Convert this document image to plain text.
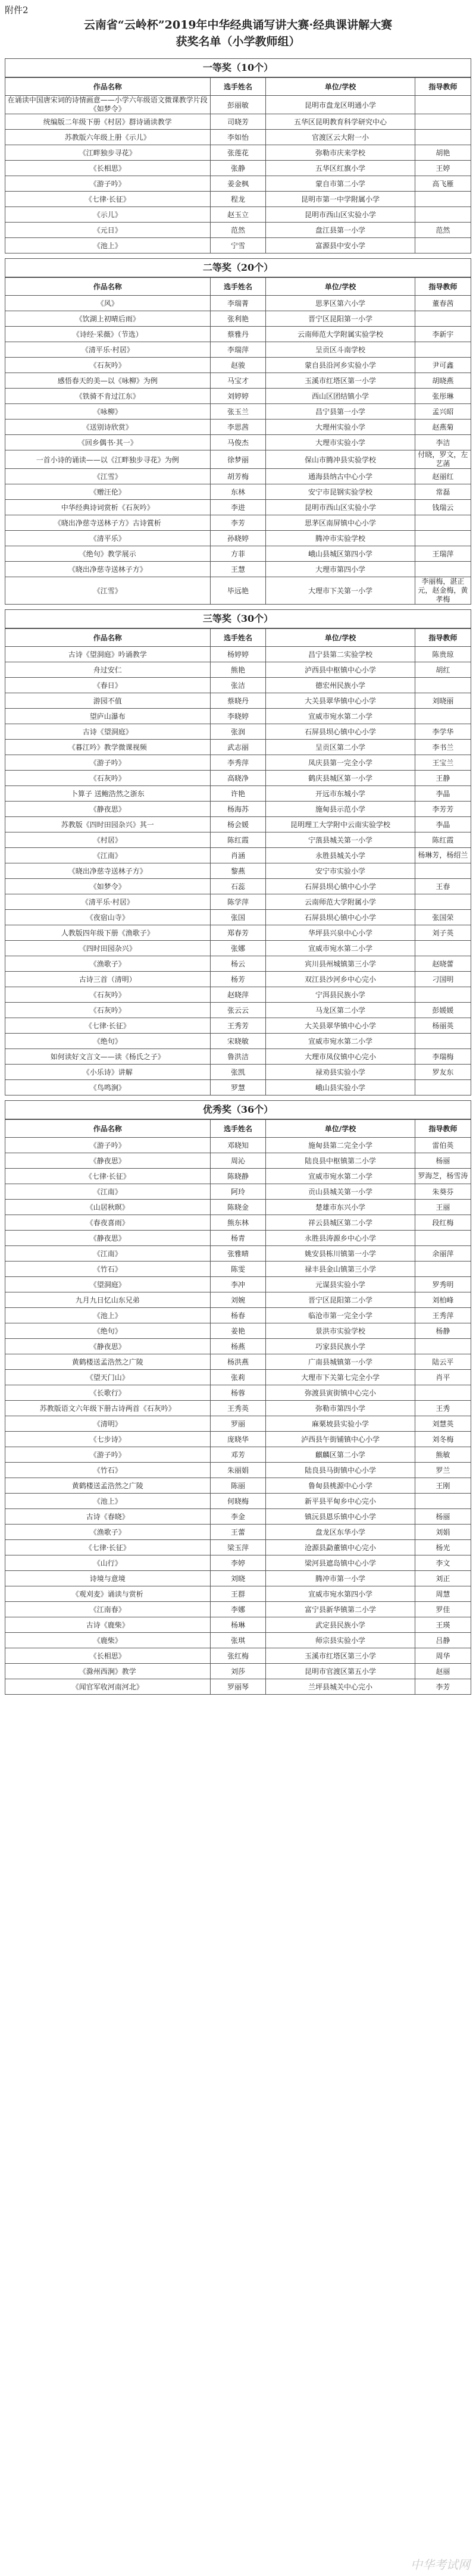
附件2
云南省“云岭杯”2019年中华经典诵写讲大赛·经典课讲解大赛
获奖名单（小学教师组）
一等奖（10个）
作品名称	选手姓名	单位/学校	指导教师
在诵读中国唐宋词的诗情画意——小学六年级语文微课教学片段《如梦令》	彭丽敏	昆明市盘龙区明通小学	
统编版二年级下册《村居》群诗诵读教学	司晓芳	五华区昆明教育科学研究中心	
苏教版六年级上册《示儿》	李如怡	官渡区云大附一小	
《江畔独步寻花》	张莲花	弥勒市庆来学校	胡艳
《长相思》	张静	五华区红旗小学	王婷
《游子吟》	姜金枫	蒙自市第二小学	高飞雁
《七律·长征》	程龙	昆明市第一中学附属小学	
《示儿》	赵玉立	昆明市西山区实验小学	
《元日》	范然	盘江县第一小学	范然
《池上》	宁雪	富源县中安小学	
二等奖（20个）
作品名称	选手姓名	单位/学校	指导教师
《风》	李瑞菁	思茅区第六小学	董春茜
《饮湖上初晴后雨》	张利艳	晋宁区昆阳第一小学	
《诗经·采薇》（节选）	蔡雅丹	云南师范大学附属实验学校	李新宇
《清平乐·村居》	李瑞萍	呈贡区斗南学校	
《石灰吟》	赵骏	蒙自县沿河乡实验小学	尹可鑫
感悟春天的美—以《咏柳》为例	马宝才	玉溪市红塔区第一小学	胡晓燕
《铁骑不肯过江东》	刘婷婷	西山区团结镇小学	张彤琳
《咏柳》	张玉兰	昌宁县第一小学	孟兴昭
《送别诗欣赏》	李思茜	大理州实验小学	赵燕菊
《回乡偶书·其一》	马俊杰	大理市实验小学	李洁
一首小诗的诵读——以《江畔独步寻花》为例	徐梦丽	保山市腾冲县实验学校	付晓，罗文，左艺菡
《江雪》	胡芳梅	通海县纳古中心小学	赵丽红
《赠汪伦》	东林	安宁市昆钢实验学校	常磊
中华经典诗词赏析《石灰吟》	李进	昆明市西山区实验小学	钱瑞云
《晓出净慈寺送林子方》古诗賞析	李芳	思茅区南屏镇中心小学	
《清平乐》	孙晓婷	腾冲市实验学校	
《绝句》教学展示	方菲	峨山县城区第四小学	王瑞萍
《晓出净慈寺送林子方》	王慧	大理市第四小学	
《江雪》	毕远艳	大理市下关第一小学	李丽梅，湛正元，赵金梅，黄孝梅
三等奖（30个）
作品名称	选手姓名	单位/学校	指导教师
古诗《望洞庭》吟诵教学	杨婷婷	昌宁县第二实验学校	陈贵琼
舟过安仁	熊艳	泸西县中枢镇中心小学	胡红
《春日》	张洁	德宏州民族小学	
游园不值	蔡晓丹	大关县翠华镇中心小学	刘晓丽
望庐山瀑布	李晓婷	宣威市宛水第二小学	
古诗《望洞庭》	张润	石屏县坝心镇中心小学	李学华
《暮江吟》教学微课视频	武志丽	呈贡区第二小学	李书兰
《游子吟》	李秀萍	凤庆县第一完全小学	王宝兰
《石灰吟》	高晓净	鹤庆县城区第一小学	王静
卜算子 送鲍浩然之浙东	许艳	开远市东城小学	李晶
《静夜思》	杨海苏	施甸县示范小学	李芳芳
苏教版《四时田园杂兴》其一	杨会媛	昆明理工大学附中云南实验学校	李晶
《村居》	陈红霞	宁蒗县城关第一小学	陈红霞
《江南》	肖涵	永胜县城关小学	杨琳芳，杨绍兰
《晓出净慈寺送林子方》	黎燕	安宁市实验小学	
《如梦令》	石蕊	石屏县坝心镇中心小学	王春
《清平乐·村居》	陈学萍	云南师范大学附属小学	
《夜宿山寺》	张国	石屏县坝心镇中心小学	张国荣
人教版四年级下册《渔歌子》	郑春芳	华坪县兴泉中心小学	刘子英
《四时田园杂兴》	张娜	宣威市宛水第二小学	
《渔歌子》	杨云	宾川县州城镇第三小学	赵晓蕾
古诗三首（清明）	杨芳	双江县沙河乡中心完小	刁国明
《石灰吟》	赵晓萍	宁洱县民族小学	
《石灰吟》	张云云	马龙区第二小学	彭媛媛
《七律·长征》	王秀芳	大关县翠华镇中心小学	杨丽英
《绝句》	宋晓敏	宣威市宛水第二小学	
如何读好文言文——读《杨氏之子》	鲁洪洁	大理市凤仪镇中心完小	李瑞梅
《小乐诗》讲解	张凯	禄劝县实验小学	罗友东
《鸟鸣涧》	罗慧	峨山县实验小学	
优秀奖（36个）
作品名称	选手姓名	单位/学校	指导教师
《游子吟》	邓晓知	施甸县第二完全小学	雷伯英
《静夜思》	周沁	陆良县中枢镇第二小学	杨丽
《七律·长征》	陈晓静	宣威市宛水第二小学	罗海芝，杨雪涛
《江南》	阿玲	贡山县城关第一小学	朱葵芬
《山居秋暝》	陈晓金	楚雄市东兴小学	王丽
《春夜喜雨》	熊东林	祥云县城区第二小学	段红梅
《静夜思》	杨青	永胜县涛源乡中心小学	
《江南》	张雅晴	姚安县栋川镇第一小学	余丽萍
《竹石》	陈雯	禄丰县金山镇第三小学	
《望洞庭》	李冲	元谋县实验小学	罗秀明
九月九日忆山东兄弟	刘婉	晋宁区昆阳第二小学	刘柏峰
《池上》	杨春	临沧市第一完全小学	王秀萍
《绝句》	姜艳	景洪市实验学校	杨静
《静夜思》	杨燕	巧家县民族小学	
黄鹤楼送孟浩然之广陵	杨洪燕	广南县城镇第一小学	陆云平
《望天门山》	张莉	大理市下关第七完全小学	肖平
《长歌行》	杨蓉	弥渡县寅街镇中心完小	
苏教版语文六年级下册古诗两首《石灰吟》	王秀英	弥勒市第四小学	王秀
《清明》	罗丽	麻栗坡县实验小学	刘慧英
《七步诗》	庞晓华	泸西县午街铺镇中心小学	刘冬梅
《游子吟》	邓芳	麒麟区第二小学	熊敏
《竹石》	朱丽娟	陆良县马街镇中心小学	罗兰
黄鹤楼送孟浩然之广陵	陈丽	鲁甸县桃源中心小学	王刚
《池上》	何晓梅	新平县平甸乡中心完小	
古诗《春晓》	李金	镇沅县恩乐镇中心小学	杨丽
《渔歌子》	王蕾	盘龙区东华小学	刘娟
《七律·长征》	梁玉萍	沧源县勐董镇中心完小	杨光
《山行》	李婷	梁河县遮岛镇中心小学	李文
诗境与意境	刘晓	腾冲市第一小学	刘正
《观刈麦》诵读与赏析	王群	宣威市宛水第四小学	周慧
《江南春》	李娜	富宁县新华镇第二小学	罗佳
古诗《鹿柴》	杨琳	武定县民族小学	王瑛
《鹿柴》	张琪	师宗县实验小学	吕静
《长相思》	张红梅	玉溪市红塔区第三小学	周华
《滁州西涧》教学	刘莎	昆明市官渡区第五小学	赵丽
《闻官军收河南河北》	罗丽琴	兰坪县城关中心完小	李芳
中华考试网
